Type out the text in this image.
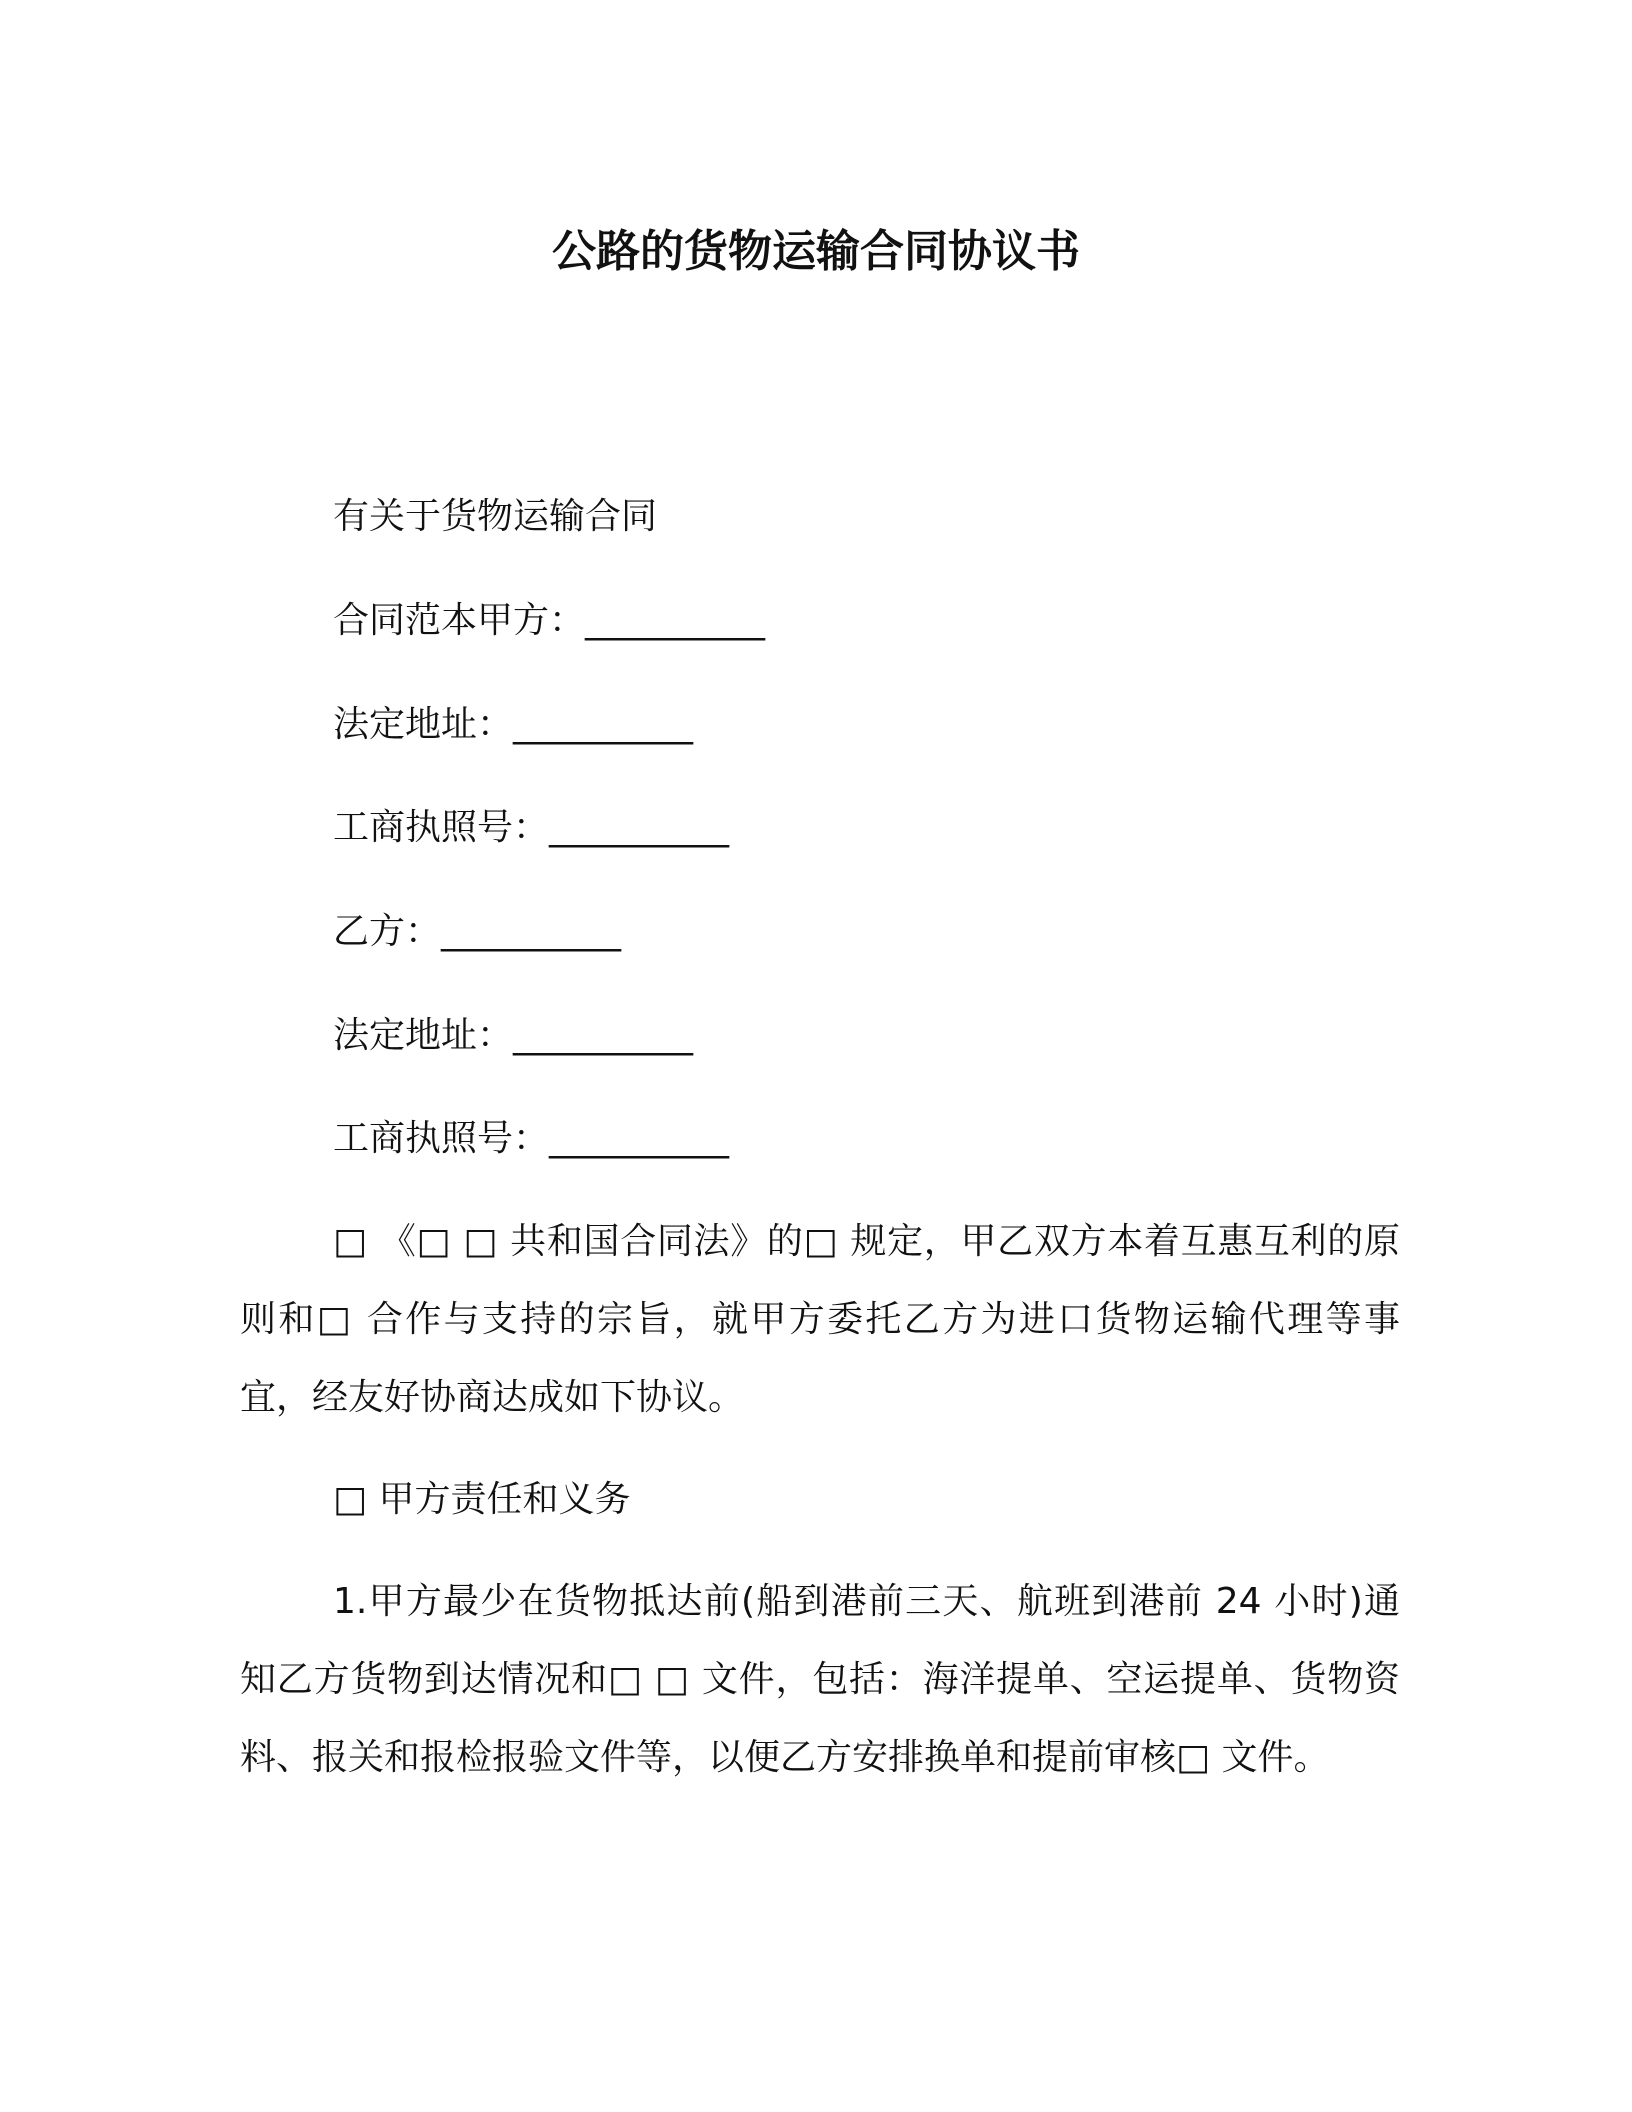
公路的货物运输合同协议书

有关于货物运输合同

合同范本甲方：__________

法定地址：__________

工商执照号：__________

乙方：__________

法定地址：__________

工商执照号：__________

□ 《□ □ 共和国合同法》的□ 规定，甲乙双方本着互惠互利的原则和□ 合作与支持的宗旨，就甲方委托乙方为进口货物运输代理等事宜，经友好协商达成如下协议。

□ 甲方责任和义务

1.甲方最少在货物抵达前(船到港前三天、航班到港前 24 小时)通知乙方货物到达情况和□ □ 文件，包括：海洋提单、空运提单、货物资料、报关和报检报验文件等，以便乙方安排换单和提前审核□ 文件。
